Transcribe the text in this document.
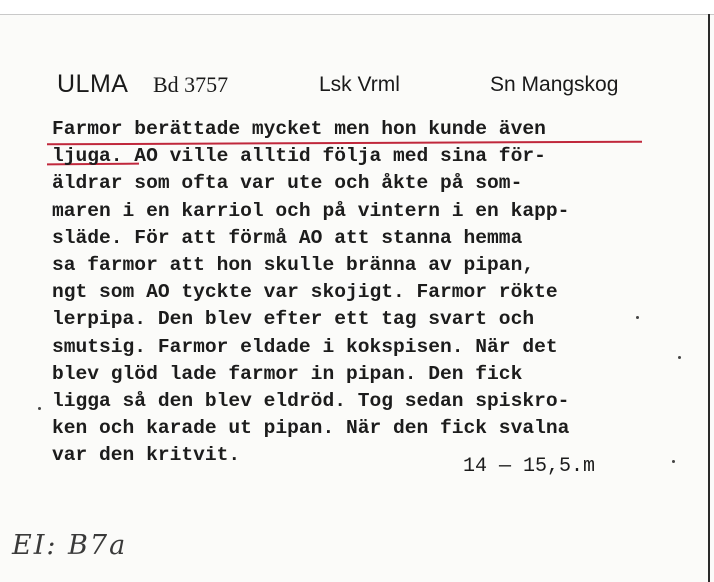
ULMA Bd 3757	Lsk Vrml	Sn Mangskog
Farmor berättade mycket men hon kunde även
ljuga. AO ville alltid följa med sina för-
äldrar som ofta var ute och åkte på som-
maren i en karriol och på vintern i en kapp-
släde. För att förmå AO att stanna hemma
sa farmor att hon skulle bränna av pipan,
ngt som AO tyckte var skojigt. Farmor rökte
lerpipa. Den blev efter ett tag svart och
smutsig. Farmor eldade i kokspisen. När det
blev glöd lade farmor in pipan. Den fick
ligga så den blev eldröd. Tog sedan spiskro-
ken och karade ut pipan. När den fick svalna
var den kritvit.	14 — 15,5.m
EI: B7a
